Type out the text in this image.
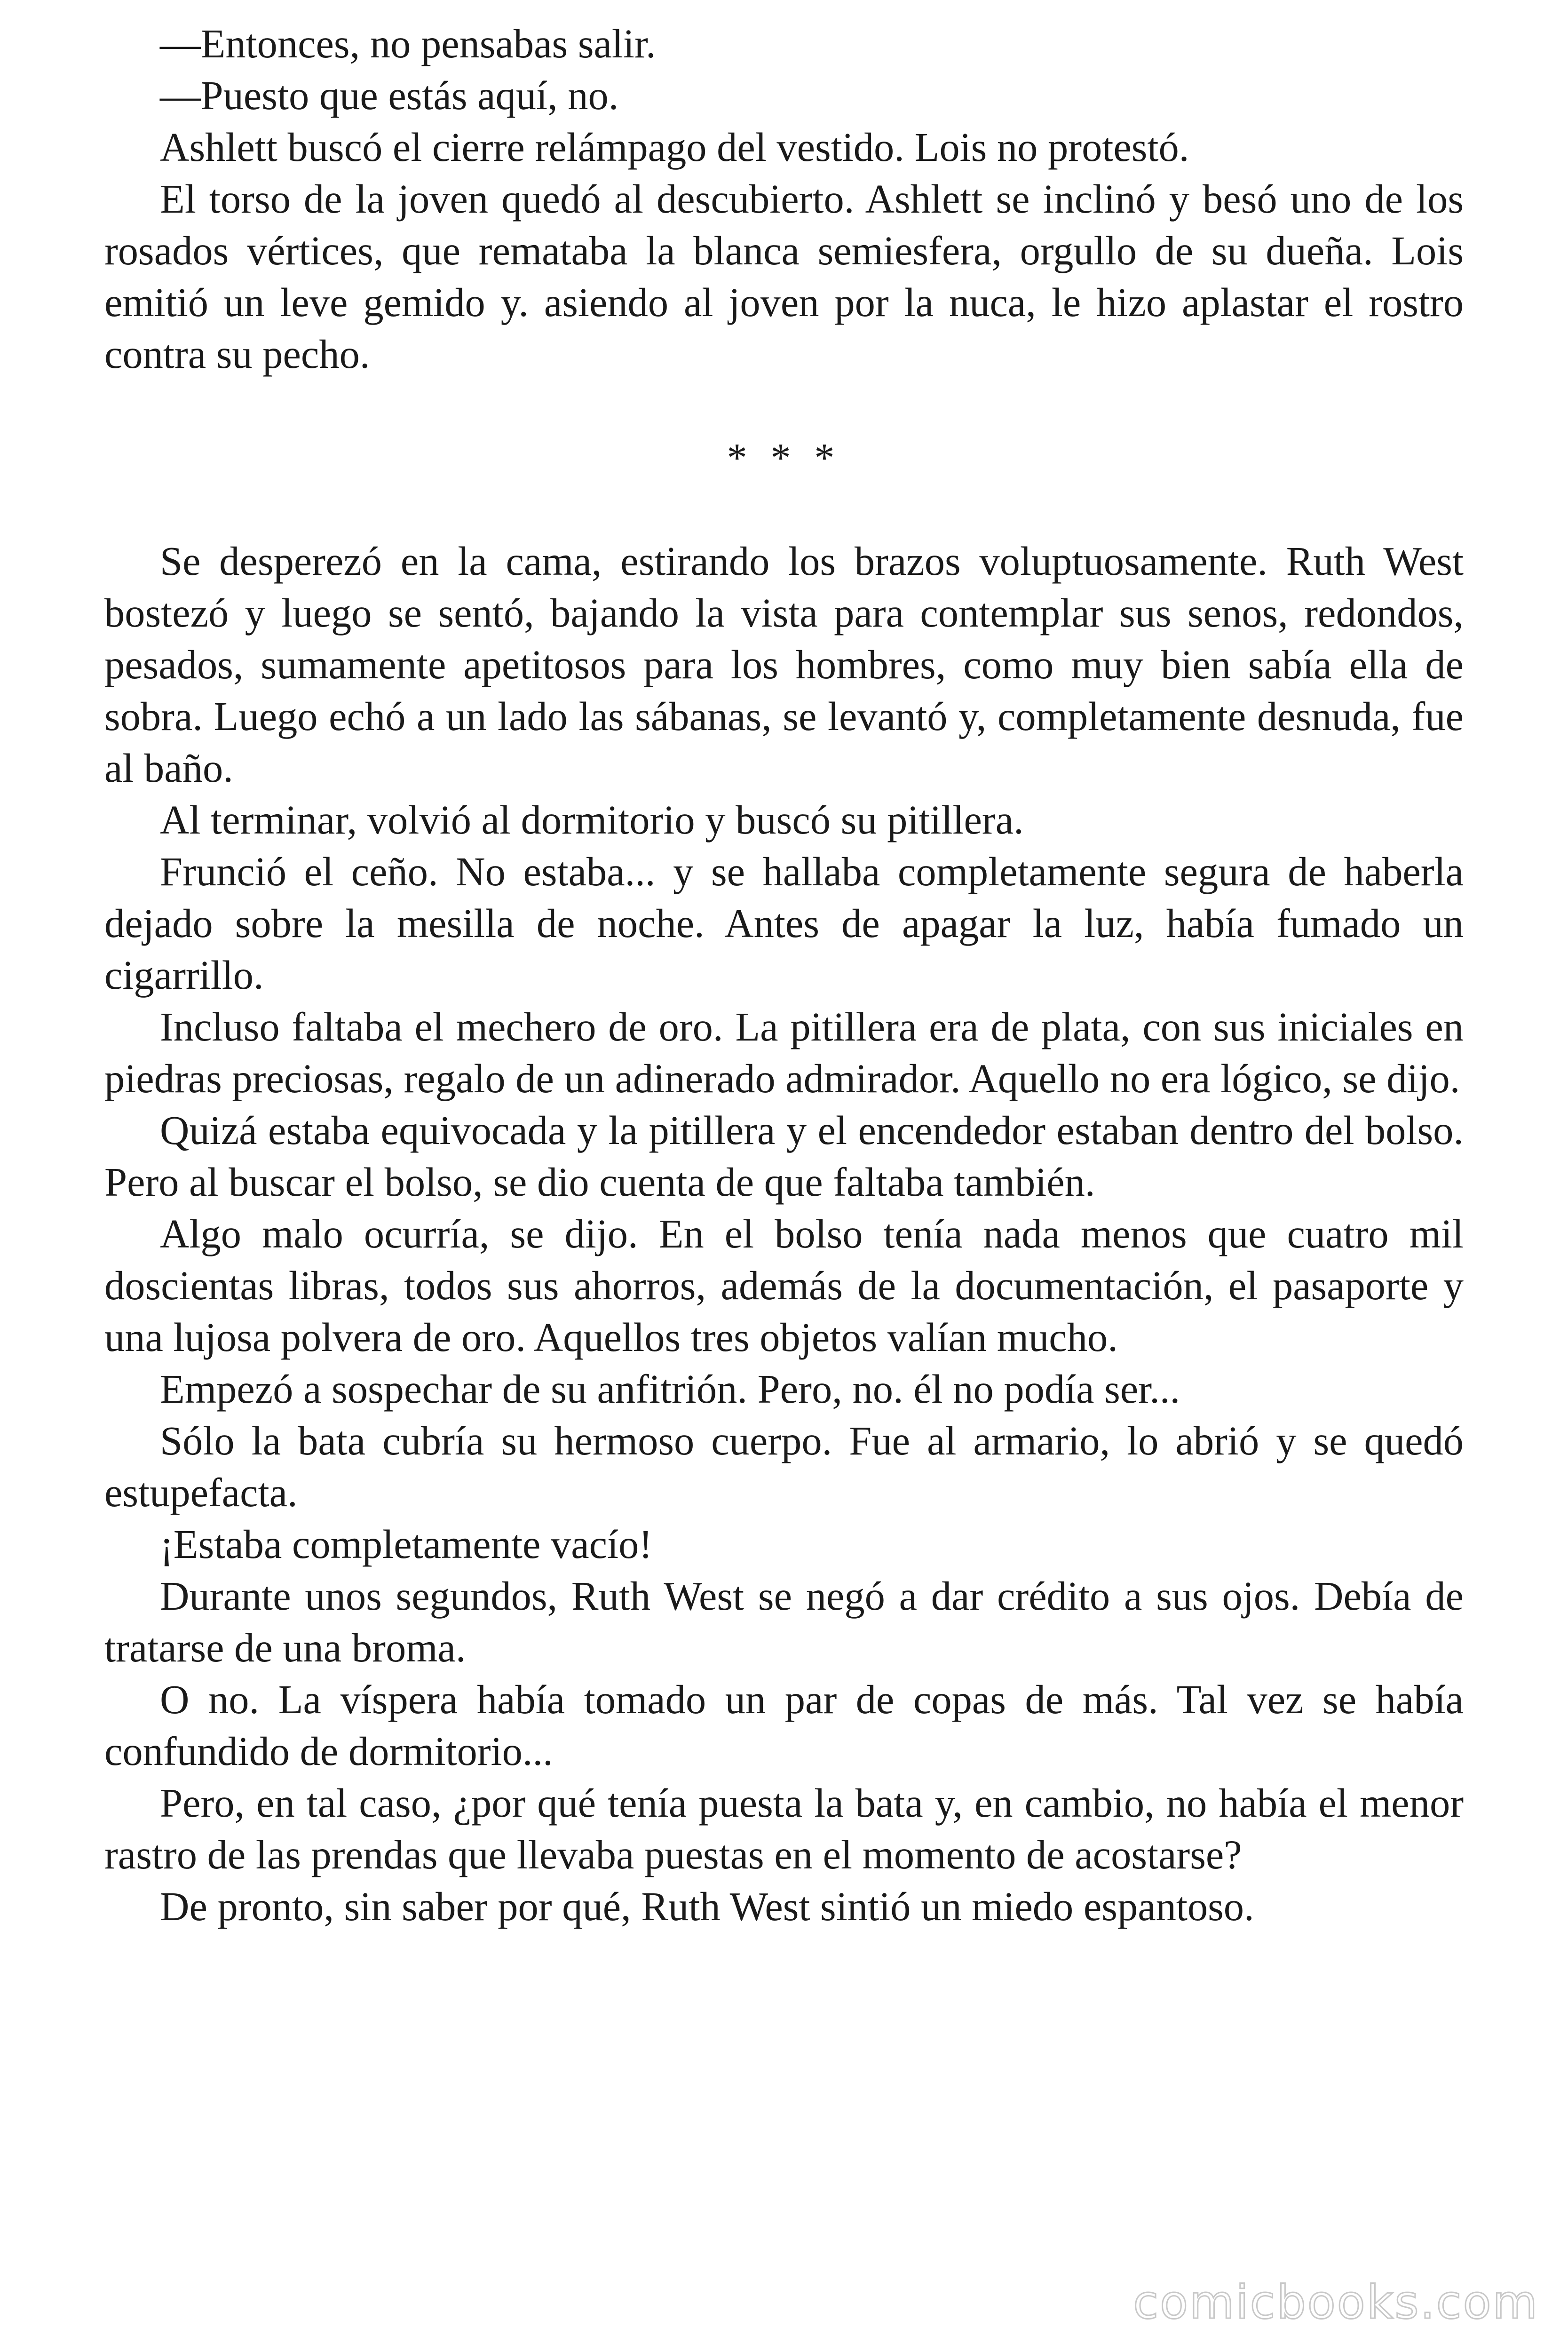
—Entonces, no pensabas salir.

—Puesto que estás aquí, no.

Ashlett buscó el cierre relámpago del vestido. Lois no protestó.

El torso de la joven quedó al descubierto. Ashlett se inclinó y besó uno de los rosados vértices, que remataba la blanca semiesfera, orgullo de su dueña. Lois emitió un leve gemido y. asiendo al joven por la nuca, le hizo aplastar el rostro contra su pecho.

* * *

Se desperezó en la cama, estirando los brazos voluptuosamente. Ruth West bostezó y luego se sentó, bajando la vista para contemplar sus senos, redondos, pesados, sumamente apetitosos para los hombres, como muy bien sabía ella de sobra. Luego echó a un lado las sábanas, se levantó y, completamente desnuda, fue al baño.

Al terminar, volvió al dormitorio y buscó su pitillera.

Frunció el ceño. No estaba... y se hallaba completamente segura de haberla dejado sobre la mesilla de noche. Antes de apagar la luz, había fumado un cigarrillo.

Incluso faltaba el mechero de oro. La pitillera era de plata, con sus iniciales en piedras preciosas, regalo de un adinerado admirador. Aquello no era lógico, se dijo.

Quizá estaba equivocada y la pitillera y el encendedor estaban dentro del bolso. Pero al buscar el bolso, se dio cuenta de que faltaba también.

Algo malo ocurría, se dijo. En el bolso tenía nada menos que cuatro mil doscientas libras, todos sus ahorros, además de la documentación, el pasaporte y una lujosa polvera de oro. Aquellos tres objetos valían mucho.

Empezó a sospechar de su anfitrión. Pero, no. él no podía ser...

Sólo la bata cubría su hermoso cuerpo. Fue al armario, lo abrió y se quedó estupefacta.

¡Estaba completamente vacío!

Durante unos segundos, Ruth West se negó a dar crédito a sus ojos. Debía de tratarse de una broma.

O no. La víspera había tomado un par de copas de más. Tal vez se había confundido de dormitorio...

Pero, en tal caso, ¿por qué tenía puesta la bata y, en cambio, no había el menor rastro de las prendas que llevaba puestas en el momento de acostarse?

De pronto, sin saber por qué, Ruth West sintió un miedo espantoso.

comicbooks.com
